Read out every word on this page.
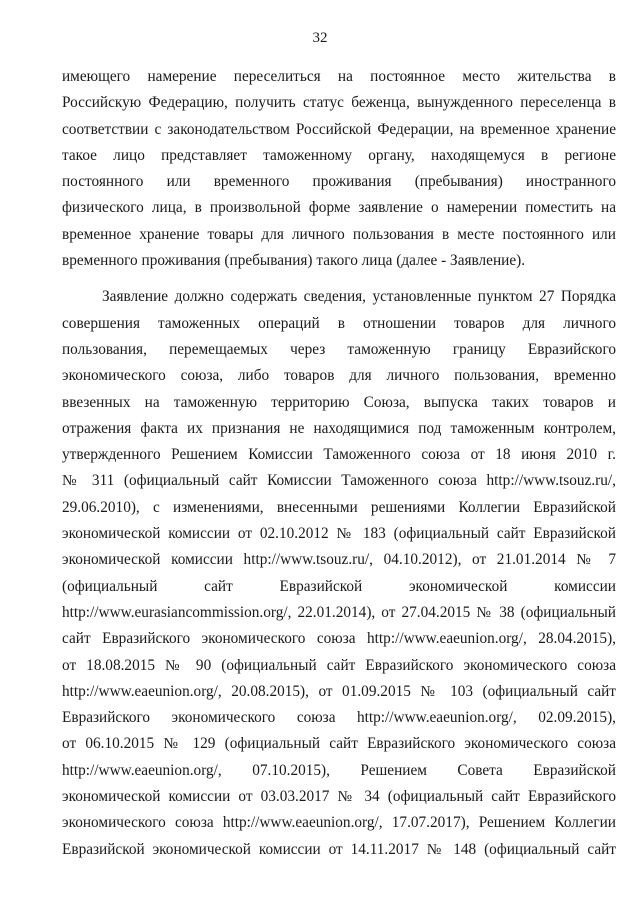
32
имеющего намерение переселиться на постоянное место жительства в
Российскую Федерацию, получить статус беженца, вынужденного переселенца в
соответствии с законодательством Российской Федерации, на временное хранение
такое лицо представляет таможенному органу, находящемуся в регионе
постоянного или временного проживания (пребывания) иностранного
физического лица, в произвольной форме заявление о намерении поместить на
временное хранение товары для личного пользования в месте постоянного или
временного проживания (пребывания) такого лица (далее - Заявление).
Заявление должно содержать сведения, установленные пунктом 27 Порядка
совершения таможенных операций в отношении товаров для личного
пользования, перемещаемых через таможенную границу Евразийского
экономического союза, либо товаров для личного пользования, временно
ввезенных на таможенную территорию Союза, выпуска таких товаров и
отражения факта их признания не находящимися под таможенным контролем,
утвержденного Решением Комиссии Таможенного союза от 18 июня 2010 г.
№ 311 (официальный сайт Комиссии Таможенного союза http://www.tsouz.ru/,
29.06.2010), с изменениями, внесенными решениями Коллегии Евразийской
экономической комиссии от 02.10.2012 № 183 (официальный сайт Евразийской
экономической комиссии http://www.tsouz.ru/, 04.10.2012), от 21.01.2014 № 7
(официальный сайт Евразийской экономической комиссии
http://www.eurasiancommission.org/, 22.01.2014), от 27.04.2015 № 38 (официальный
сайт Евразийского экономического союза http://www.eaeunion.org/, 28.04.2015),
от 18.08.2015 № 90 (официальный сайт Евразийского экономического союза
http://www.eaeunion.org/, 20.08.2015), от 01.09.2015 № 103 (официальный сайт
Евразийского экономического союза http://www.eaeunion.org/, 02.09.2015),
от 06.10.2015 № 129 (официальный сайт Евразийского экономического союза
http://www.eaeunion.org/, 07.10.2015), Решением Совета Евразийской
экономической комиссии от 03.03.2017 № 34 (официальный сайт Евразийского
экономического союза http://www.eaeunion.org/, 17.07.2017), Решением Коллегии
Евразийской экономической комиссии от 14.11.2017 № 148 (официальный сайт
